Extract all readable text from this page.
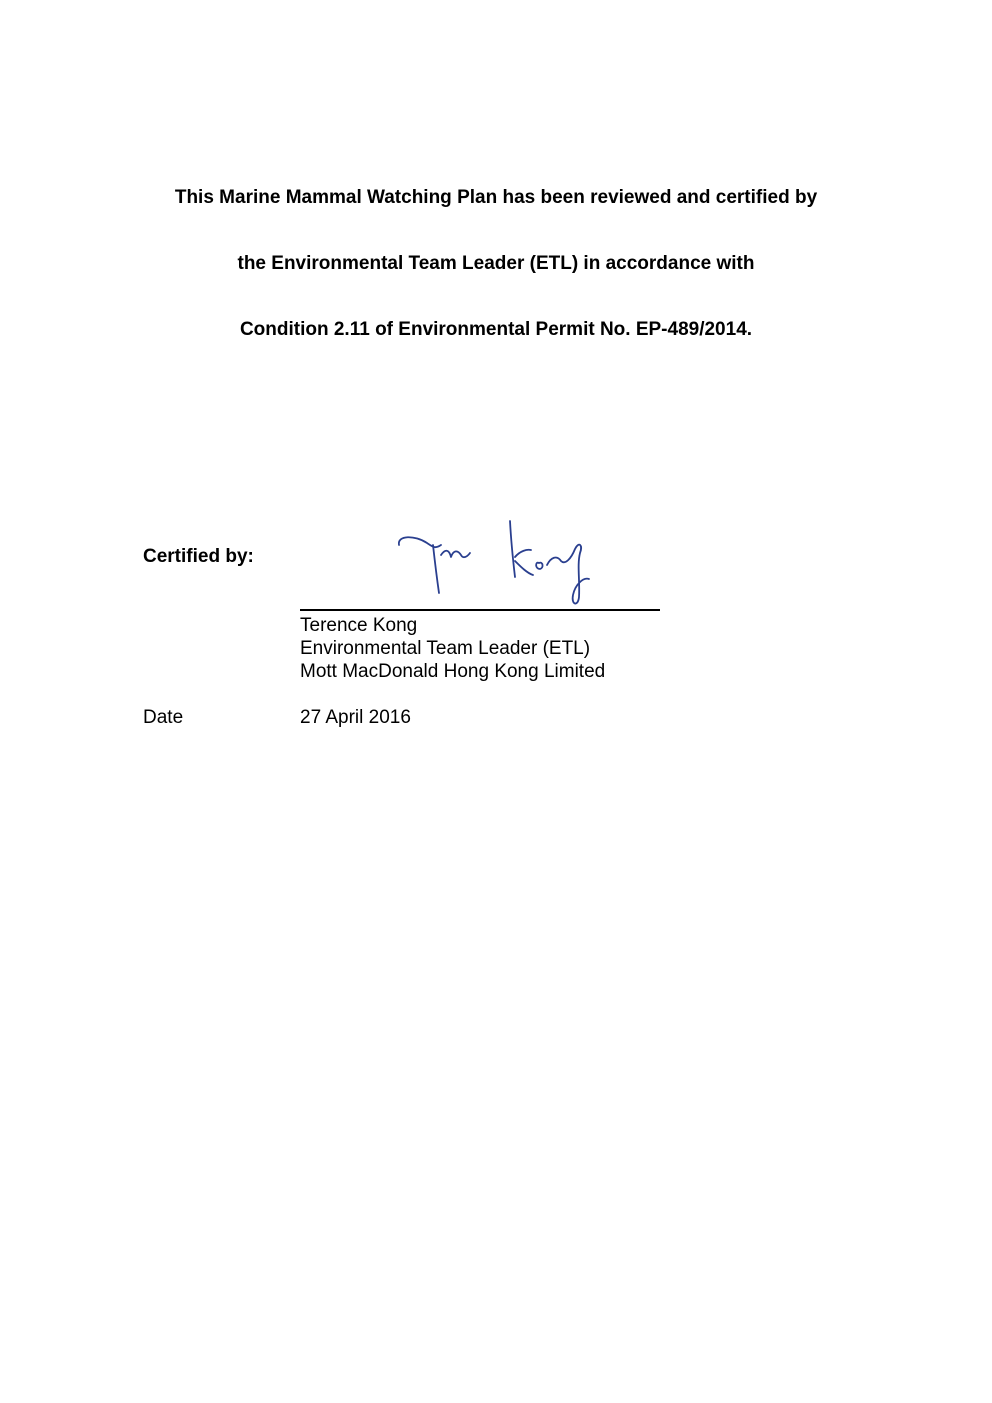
This Marine Mammal Watching Plan has been reviewed and certified by
the Environmental Team Leader (ETL) in accordance with
Condition 2.11 of Environmental Permit No. EP-489/2014.
Certified by:
Terence Kong
Environmental Team Leader (ETL)
Mott MacDonald Hong Kong Limited
Date	27 April 2016
